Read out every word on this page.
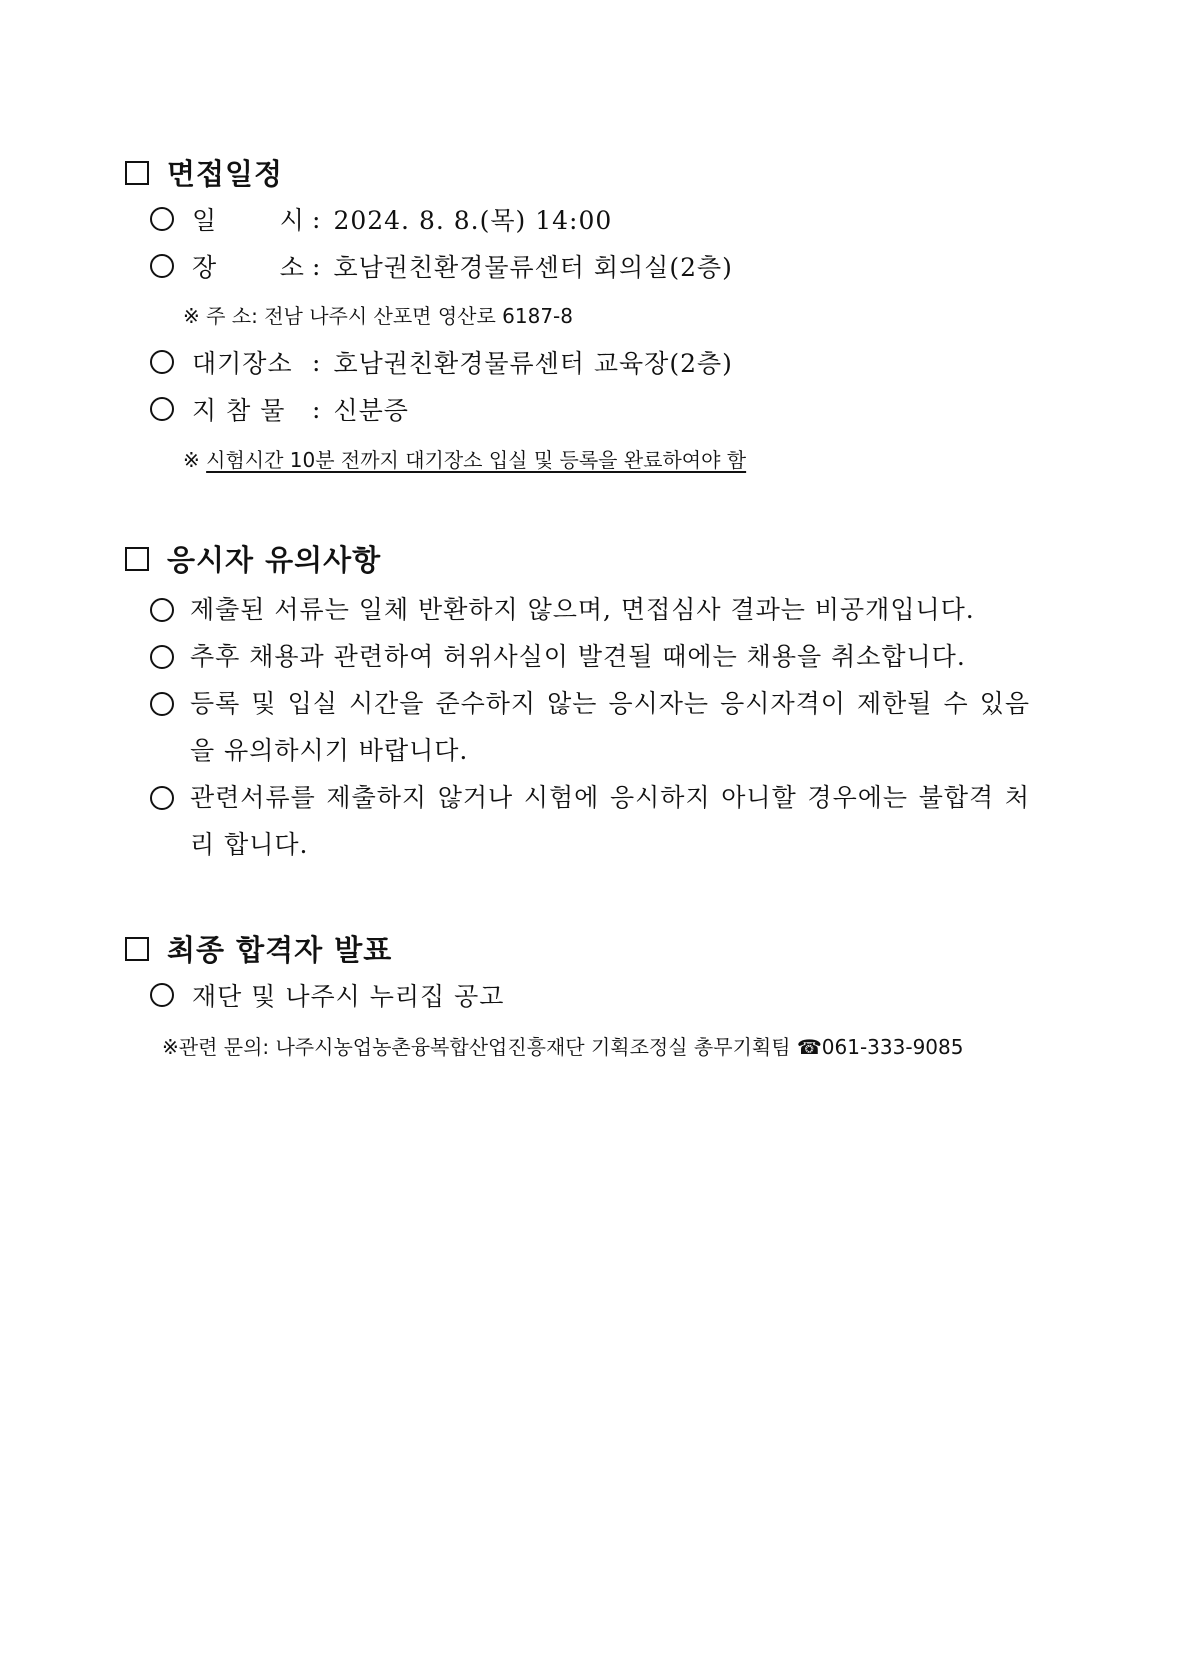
면접일정
일       시 : 2024. 8. 8.(목) 14:00
장       소 : 호남권친환경물류센터 회의실(2층)
※ 주 소: 전남 나주시 산포면 영산로 6187-8
대기장소 : 호남권친환경물류센터 교육장(2층)
지 참 물	: 신분증
※ 시험시간 10분 전까지 대기장소 입실 및 등록을 완료하여야 함
응시자 유의사항
제출된 서류는 일체 반환하지 않으며, 면접심사 결과는 비공개입니다.
추후 채용과 관련하여 허위사실이 발견될 때에는 채용을 취소합니다.
등록 및 입실 시간을 준수하지 않는 응시자는 응시자격이 제한될 수 있음을 유의하시기 바랍니다.
관련서류를 제출하지 않거나 시험에 응시하지 아니할 경우에는 불합격 처리 합니다.
최종 합격자 발표
재단 및 나주시 누리집 공고
※관련 문의: 나주시농업농촌융복합산업진흥재단 기획조정실 총무기획팀 ☎061-333-9085
